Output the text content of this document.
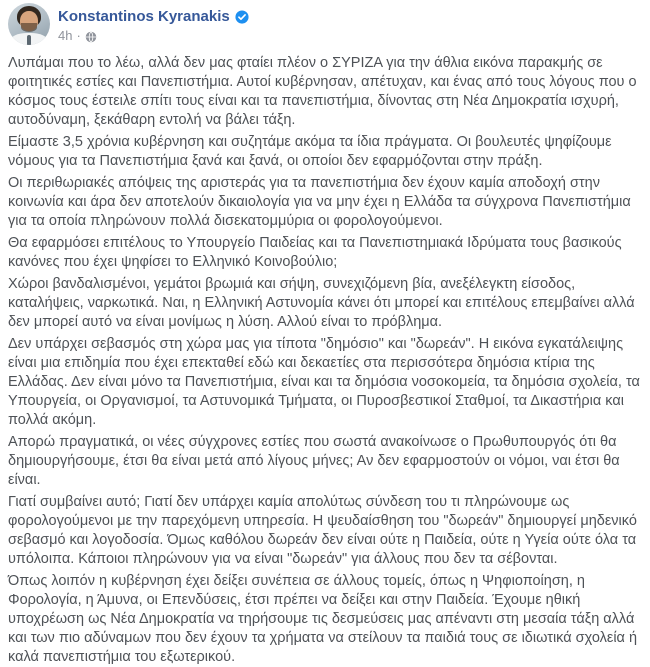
Konstantinos Kyranakis
4h ·

Λυπάμαι που το λέω, αλλά δεν μας φταίει πλέον ο ΣΥΡΙΖΑ για την άθλια εικόνα παρακμής σε φοιτητικές εστίες και Πανεπιστήμια. Αυτοί κυβέρνησαν, απέτυχαν, και ένας από τους λόγους που ο κόσμος τους έστειλε σπίτι τους είναι και τα πανεπιστήμια, δίνοντας στη Νέα Δημοκρατία ισχυρή, αυτοδύναμη, ξεκάθαρη εντολή να βάλει τάξη.

Είμαστε 3,5 χρόνια κυβέρνηση και συζητάμε ακόμα τα ίδια πράγματα. Οι βουλευτές ψηφίζουμε νόμους για τα Πανεπιστήμια ξανά και ξανά, οι οποίοι δεν εφαρμόζονται στην πράξη.

Οι περιθωριακές απόψεις της αριστεράς για τα πανεπιστήμια δεν έχουν καμία αποδοχή στην κοινωνία και άρα δεν αποτελούν δικαιολογία για να μην έχει η Ελλάδα τα σύγχρονα Πανεπιστήμια για τα οποία πληρώνουν πολλά δισεκατομμύρια οι φορολογούμενοι.

Θα εφαρμόσει επιτέλους το Υπουργείο Παιδείας και τα Πανεπιστημιακά Ιδρύματα τους βασικούς κανόνες που έχει ψηφίσει το Ελληνικό Κοινοβούλιο;

Χώροι βανδαλισμένοι, γεμάτοι βρωμιά και σήψη, συνεχιζόμενη βία, ανεξέλεγκτη είσοδος, καταλήψεις, ναρκωτικά. Ναι, η Ελληνική Αστυνομία κάνει ότι μπορεί και επιτέλους επεμβαίνει αλλά δεν μπορεί αυτό να είναι μονίμως η λύση. Αλλού είναι το πρόβλημα.

Δεν υπάρχει σεβασμός στη χώρα μας για τίποτα "δημόσιο" και "δωρεάν". Η εικόνα εγκατάλειψης είναι μια επιδημία που έχει επεκταθεί εδώ και δεκαετίες στα περισσότερα δημόσια κτίρια της Ελλάδας. Δεν είναι μόνο τα Πανεπιστήμια, είναι και τα δημόσια νοσοκομεία, τα δημόσια σχολεία, τα Υπουργεία, οι Οργανισμοί, τα Αστυνομικά Τμήματα, οι Πυροσβεστικοί Σταθμοί, τα Δικαστήρια και πολλά ακόμη.

Απορώ πραγματικά, οι νέες σύγχρονες εστίες που σωστά ανακοίνωσε ο Πρωθυπουργός ότι θα δημιουργήσουμε, έτσι θα είναι μετά από λίγους μήνες; Αν δεν εφαρμοστούν οι νόμοι, ναι έτσι θα είναι.

Γιατί συμβαίνει αυτό; Γιατί δεν υπάρχει καμία απολύτως σύνδεση του τι πληρώνουμε ως φορολογούμενοι με την παρεχόμενη υπηρεσία. Η ψευδαίσθηση του "δωρεάν" δημιουργεί μηδενικό σεβασμό και λογοδοσία. Όμως καθόλου δωρεάν δεν είναι ούτε η Παιδεία, ούτε η Υγεία ούτε όλα τα υπόλοιπα. Κάποιοι πληρώνουν για να είναι "δωρεάν" για άλλους που δεν τα σέβονται.

Όπως λοιπόν η κυβέρνηση έχει δείξει συνέπεια σε άλλους τομείς, όπως η Ψηφιοποίηση, η Φορολογία, η Άμυνα, οι Επενδύσεις, έτσι πρέπει να δείξει και στην Παιδεία. Έχουμε ηθική υποχρέωση ως Νέα Δημοκρατία να τηρήσουμε τις δεσμεύσεις μας απέναντι στη μεσαία τάξη αλλά και των πιο αδύναμων που δεν έχουν τα χρήματα να στείλουν τα παιδιά τους σε ιδιωτικά σχολεία ή καλά πανεπιστήμια του εξωτερικού.
